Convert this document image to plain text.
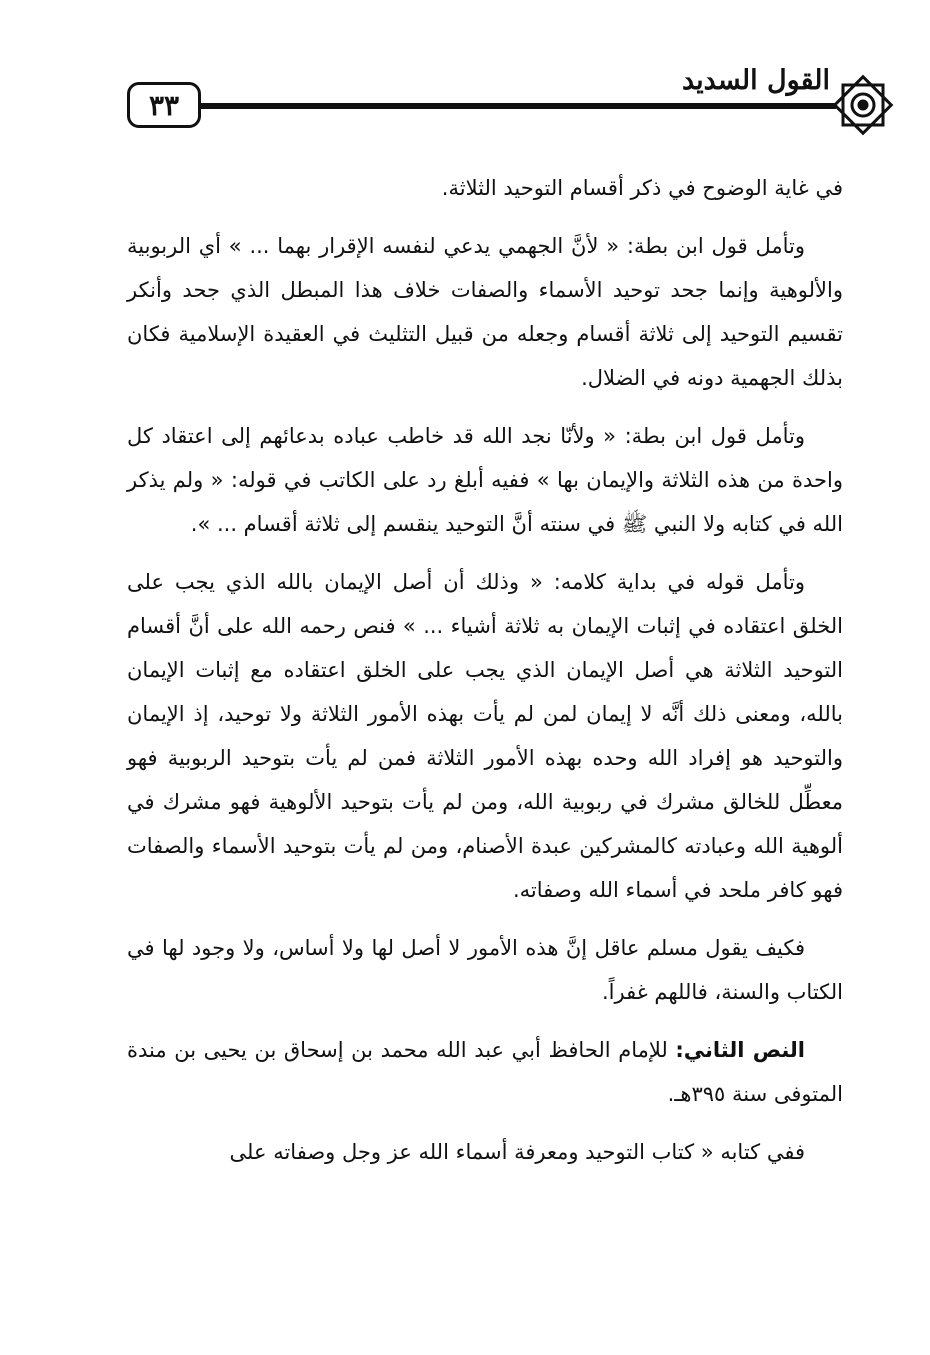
٣٣
القول السديد

في غاية الوضوح في ذكر أقسام التوحيد الثلاثة.

وتأمل قول ابن بطة: « لأنَّ الجهمي يدعي لنفسه الإقرار بهما ... » أي الربوبية والألوهية وإنما جحد توحيد الأسماء والصفات خلاف هذا المبطل الذي جحد وأنكر تقسيم التوحيد إلى ثلاثة أقسام وجعله من قبيل التثليث في العقيدة الإسلامية فكان بذلك الجهمية دونه في الضلال.

وتأمل قول ابن بطة: « ولأنّا نجد الله قد خاطب عباده بدعائهم إلى اعتقاد كل واحدة من هذه الثلاثة والإيمان بها » ففيه أبلغ رد على الكاتب في قوله: « ولم يذكر الله في كتابه ولا النبي ﷺ في سنته أنَّ التوحيد ينقسم إلى ثلاثة أقسام ... ».

وتأمل قوله في بداية كلامه: « وذلك أن أصل الإيمان بالله الذي يجب على الخلق اعتقاده في إثبات الإيمان به ثلاثة أشياء ... » فنص رحمه الله على أنَّ أقسام التوحيد الثلاثة هي أصل الإيمان الذي يجب على الخلق اعتقاده مع إثبات الإيمان بالله، ومعنى ذلك أنَّه لا إيمان لمن لم يأت بهذه الأمور الثلاثة ولا توحيد، إذ الإيمان والتوحيد هو إفراد الله وحده بهذه الأمور الثلاثة فمن لم يأت بتوحيد الربوبية فهو معطِّل للخالق مشرك في ربوبية الله، ومن لم يأت بتوحيد الألوهية فهو مشرك في ألوهية الله وعبادته كالمشركين عبدة الأصنام، ومن لم يأت بتوحيد الأسماء والصفات فهو كافر ملحد في أسماء الله وصفاته.

فكيف يقول مسلم عاقل إنَّ هذه الأمور لا أصل لها ولا أساس، ولا وجود لها في الكتاب والسنة، فاللهم غفراً.

النص الثاني: للإمام الحافظ أبي عبد الله محمد بن إسحاق بن يحيى بن مندة المتوفى سنة ٣٩٥هـ.

ففي كتابه « كتاب التوحيد ومعرفة أسماء الله عز وجل وصفاته على
